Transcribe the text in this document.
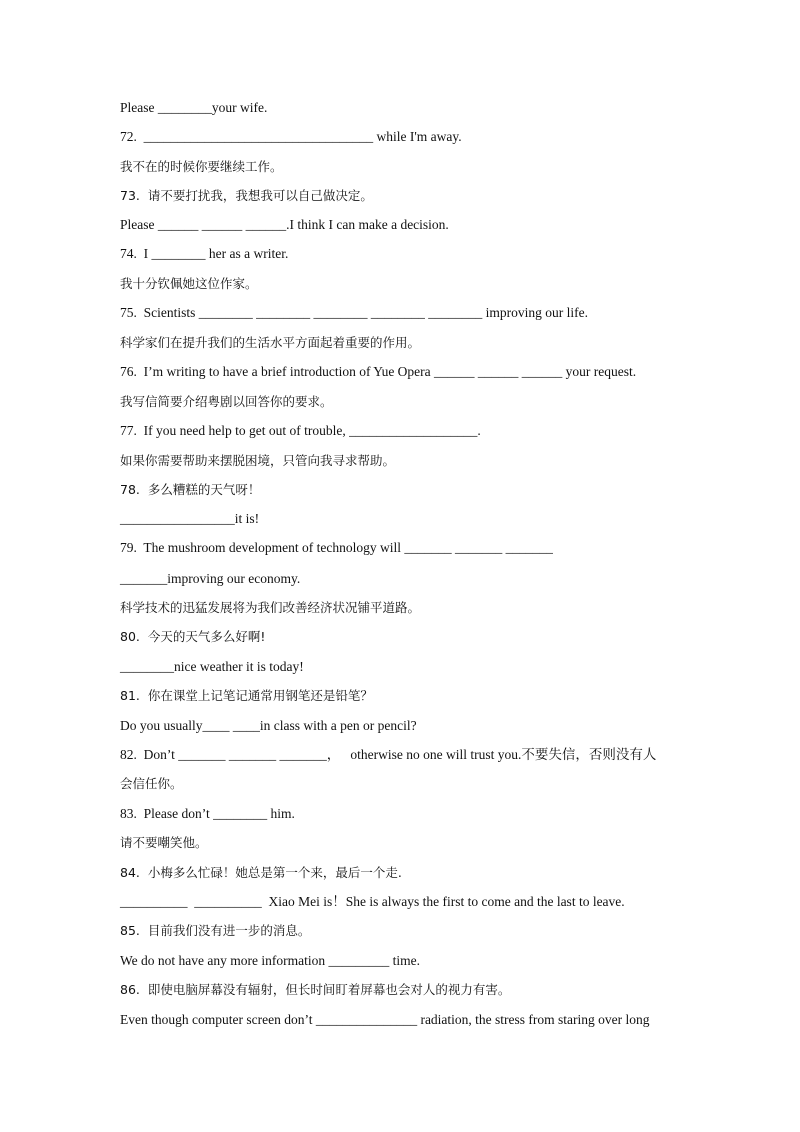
Please ________your wife.
72.  __________________________________ while I'm away.
我不在的时候你要继续工作。
73.  请不要打扰我，我想我可以自己做决定。
Please ______ ______ ______.I think I can make a decision.
74.  I ________ her as a writer.
我十分钦佩她这位作家。
75.  Scientists ________ ________ ________ ________ ________ improving our life.
科学家们在提升我们的生活水平方面起着重要的作用。
76.  I’m writing to have a brief introduction of Yue Opera ______ ______ ______ your request.
我写信简要介绍粤剧以回答你的要求。
77.  If you need help to get out of trouble, ___________________.
如果你需要帮助来摆脱困境，只管向我寻求帮助。
78.  多么糟糕的天气呀！
_________________it is!
79.  The mushroom development of technology will _______ _______ _______
_______improving our economy.
科学技术的迅猛发展将为我们改善经济状况铺平道路。
80.  今天的天气多么好啊!
________nice weather it is today!
81.  你在课堂上记笔记通常用钢笔还是铅笔？
Do you usually____ ____in class with a pen or pencil?
82.  Don’t _______ _______ _______，   otherwise no one will trust you.不要失信，否则没有人
会信任你。
83.  Please don’t ________ him.
请不要嘲笑他。
84.  小梅多么忙碌！她总是第一个来，最后一个走.
__________  __________  Xiao Mei is！She is always the first to come and the last to leave.
85.  目前我们没有进一步的消息。
We do not have any more information _________ time.
86.  即使电脑屏幕没有辐射，但长时间盯着屏幕也会对人的视力有害。
Even though computer screen don’t _______________ radiation, the stress from staring over long
